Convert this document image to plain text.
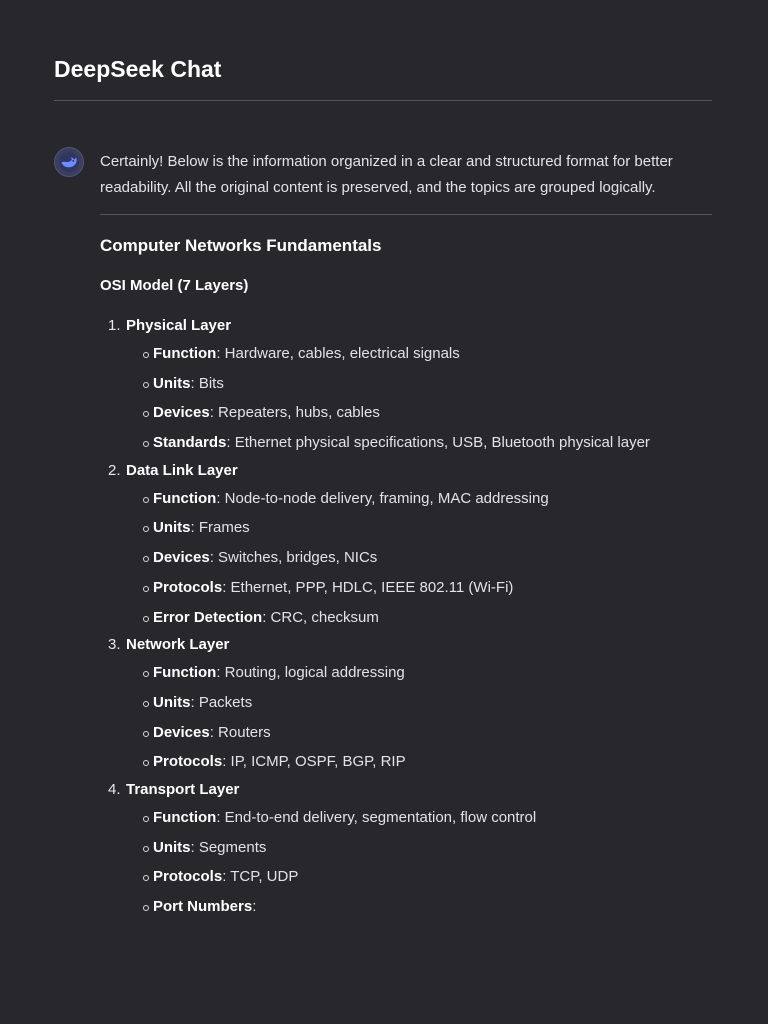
DeepSeek Chat

Certainly! Below is the information organized in a clear and structured format for better readability. All the original content is preserved, and the topics are grouped logically.

Computer Networks Fundamentals
OSI Model (7 Layers)
1. Physical Layer
Function: Hardware, cables, electrical signals
Units: Bits
Devices: Repeaters, hubs, cables
Standards: Ethernet physical specifications, USB, Bluetooth physical layer
2. Data Link Layer
Function: Node-to-node delivery, framing, MAC addressing
Units: Frames
Devices: Switches, bridges, NICs
Protocols: Ethernet, PPP, HDLC, IEEE 802.11 (Wi-Fi)
Error Detection: CRC, checksum
3. Network Layer
Function: Routing, logical addressing
Units: Packets
Devices: Routers
Protocols: IP, ICMP, OSPF, BGP, RIP
4. Transport Layer
Function: End-to-end delivery, segmentation, flow control
Units: Segments
Protocols: TCP, UDP
Port Numbers:
